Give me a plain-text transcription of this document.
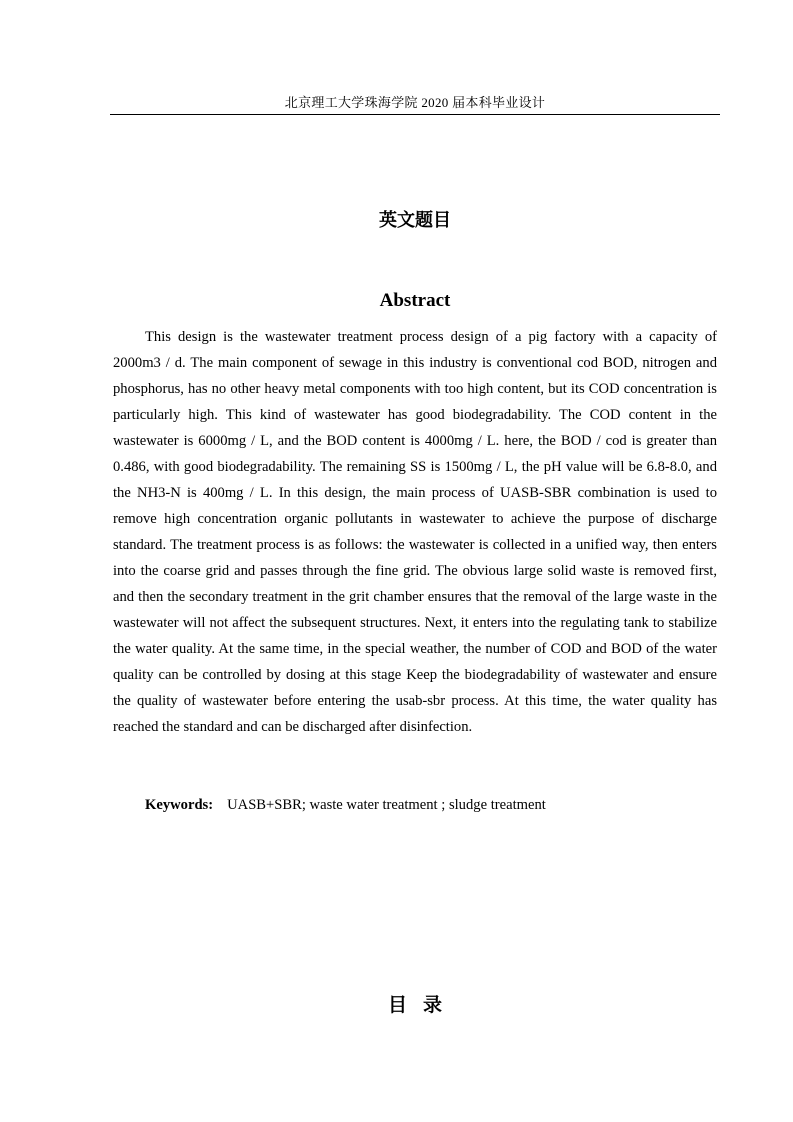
北京理工大学珠海学院 2020 届本科毕业设计
英文题目
Abstract

This design is the wastewater treatment process design of a pig factory with a capacity of 2000m3 / d. The main component of sewage in this industry is conventional cod BOD, nitrogen and phosphorus, has no other heavy metal components with too high content, but its COD concentration is particularly high. This kind of wastewater has good biodegradability. The COD content in the wastewater is 6000mg / L, and the BOD content is 4000mg / L. here, the BOD / cod is greater than 0.486, with good biodegradability. The remaining SS is 1500mg / L, the pH value will be 6.8-8.0, and the NH3-N is 400mg / L. In this design, the main process of UASB-SBR combination is used to remove high concentration organic pollutants in wastewater to achieve the purpose of discharge standard. The treatment process is as follows: the wastewater is collected in a unified way, then enters into the coarse grid and passes through the fine grid. The obvious large solid waste is removed first, and then the secondary treatment in the grit chamber ensures that the removal of the large waste in the wastewater will not affect the subsequent structures. Next, it enters into the regulating tank to stabilize the water quality. At the same time, in the special weather, the number of COD and BOD of the water quality can be controlled by dosing at this stage Keep the biodegradability of wastewater and ensure the quality of wastewater before entering the usab-sbr process. At this time, the water quality has reached the standard and can be discharged after disinfection.

Keywords: UASB+SBR; waste water treatment ; sludge treatment
目录
